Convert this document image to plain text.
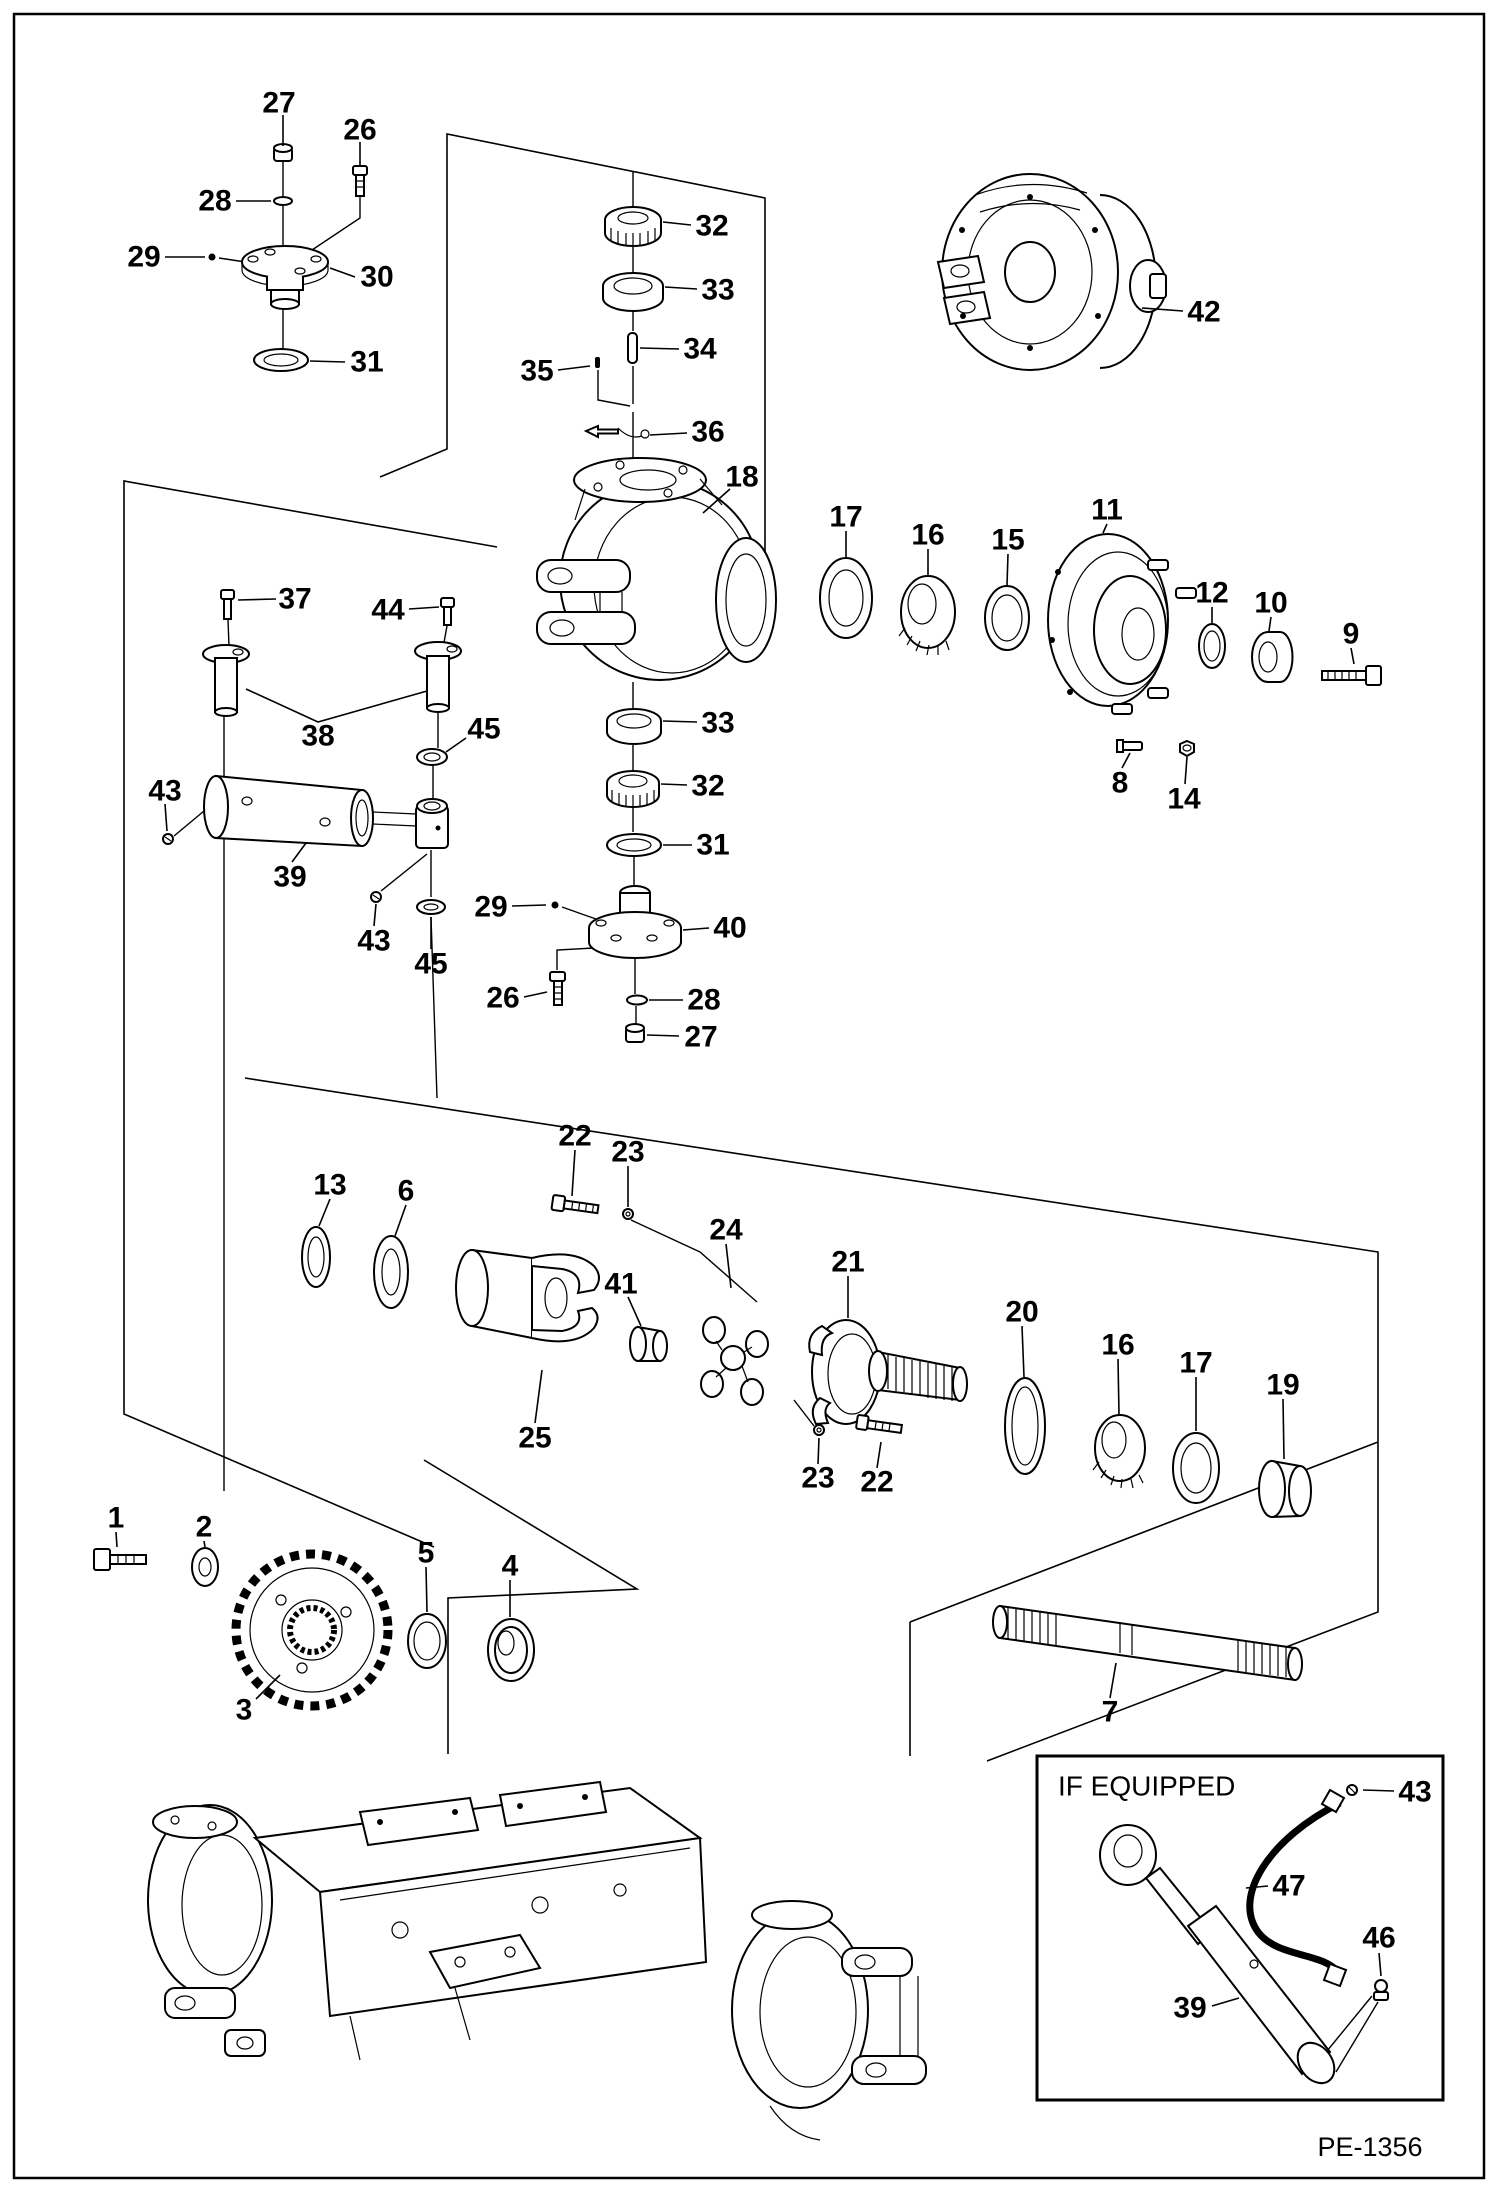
IF EQUIPPED
PE-1356
27
26
28
29
30
31
32
33
34
35
36
18
42
17
16 15
11
12 10
9
8 14
37 44
38	45
43
39
43
45
33
32
31
29
40
26	28
27
22 23
13 6
41
24
21
25
20
16
17
19
23 22
1 2
3
5 4
7
43
47
46
39
